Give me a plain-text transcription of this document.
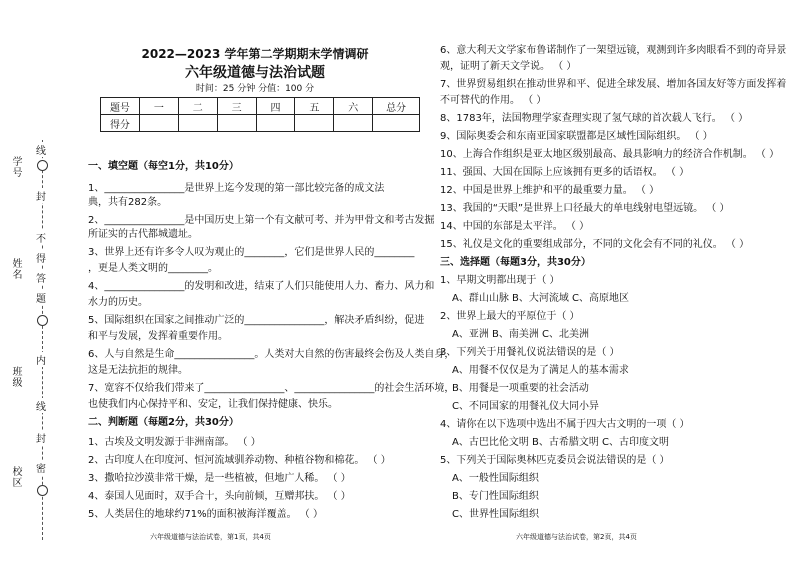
学号
姓名
班级
校区
线
封
不
得
答
题
内
线
封
密
2022—2023 学年第二学期期末学情调研
六年级道德与法治试题
时间：25 分钟 分值：100 分
题号	一	二	三	四	五	六	总分
得分							
一、填空题（每空1分，共10分）
1、________________是世界上迄今发现的第一部比较完备的成文法
典，共有282条。
2、________________是中国历史上第一个有文献可考、并为甲骨文和考古发掘
所证实的古代都城遗址。
3、世界上还有许多令人叹为观止的________，它们是世界人民的________
，更是人类文明的________。
4、________________的发明和改进，结束了人们只能使用人力、畜力、风力和
水力的历史。
5、国际组织在国家之间推动广泛的________________，解决矛盾纠纷，促进
和平与发展，发挥着重要作用。
6、人与自然是生命________________。人类对大自然的伤害最终会伤及人类自身，
这是无法抗拒的规律。
7、宽容不仅给我们带来了________________、________________的社会生活环境，
也使我们内心保持平和、安定，让我们保持健康、快乐。
二、判断题（每题2分，共30分）
1、古埃及文明发源于非洲南部。 （ ）
2、古印度人在印度河、恒河流域驯养动物、种植谷物和棉花。 （ ）
3、撒哈拉沙漠非常干燥，是一些植被，但地广人稀。 （ ）
4、泰国人见面时，双手合十，头向前倾，互赠邦扶。 （ ）
5、人类居住的地球约71%的面积被海洋覆盖。 （ ）
六年级道德与法治试卷，第1页，共4页
6、意大利天文学家布鲁诺制作了一架望远镜，观测到许多肉眼看不到的奇异景
观，证明了新天文学说。 （ ）
7、世界贸易组织在推动世界和平、促进全球发展、增加各国友好等方面发挥着
不可替代的作用。 （ ）
8、1783年，法国物理学家查理实现了氢气球的首次载人飞行。 （ ）
9、国际奥委会和东南亚国家联盟都是区域性国际组织。 （ ）
10、上海合作组织是亚太地区级别最高、最具影响力的经济合作机制。 （ ）
11、强国、大国在国际上应该拥有更多的话语权。 （ ）
12、中国是世界上维护和平的最重要力量。 （ ）
13、我国的“天眼”是世界上口径最大的单电线射电望远镜。 （ ）
14、中国的东部是太平洋。 （ ）
15、礼仪是文化的重要组成部分，不同的文化会有不同的礼仪。 （ ）
三、选择题（每题3分，共30分）
1、早期文明都出现于（ ）
A、群山山脉 B、大河流域 C、高原地区
2、世界上最大的平原位于（ ）
A、亚洲 B、南美洲 C、北美洲
3、下列关于用餐礼仪说法错误的是（ ）
A、用餐不仅仅是为了满足人的基本需求
B、用餐是一项重要的社会活动
C、不同国家的用餐礼仪大同小异
4、请你在以下选项中选出不属于四大古文明的一项（ ）
A、古巴比伦文明 B、古希腊文明 C、古印度文明
5、下列关于国际奥林匹克委员会说法错误的是（ ）
A、一般性国际组织
B、专门性国际组织
C、世界性国际组织
六年级道德与法治试卷，第2页，共4页
